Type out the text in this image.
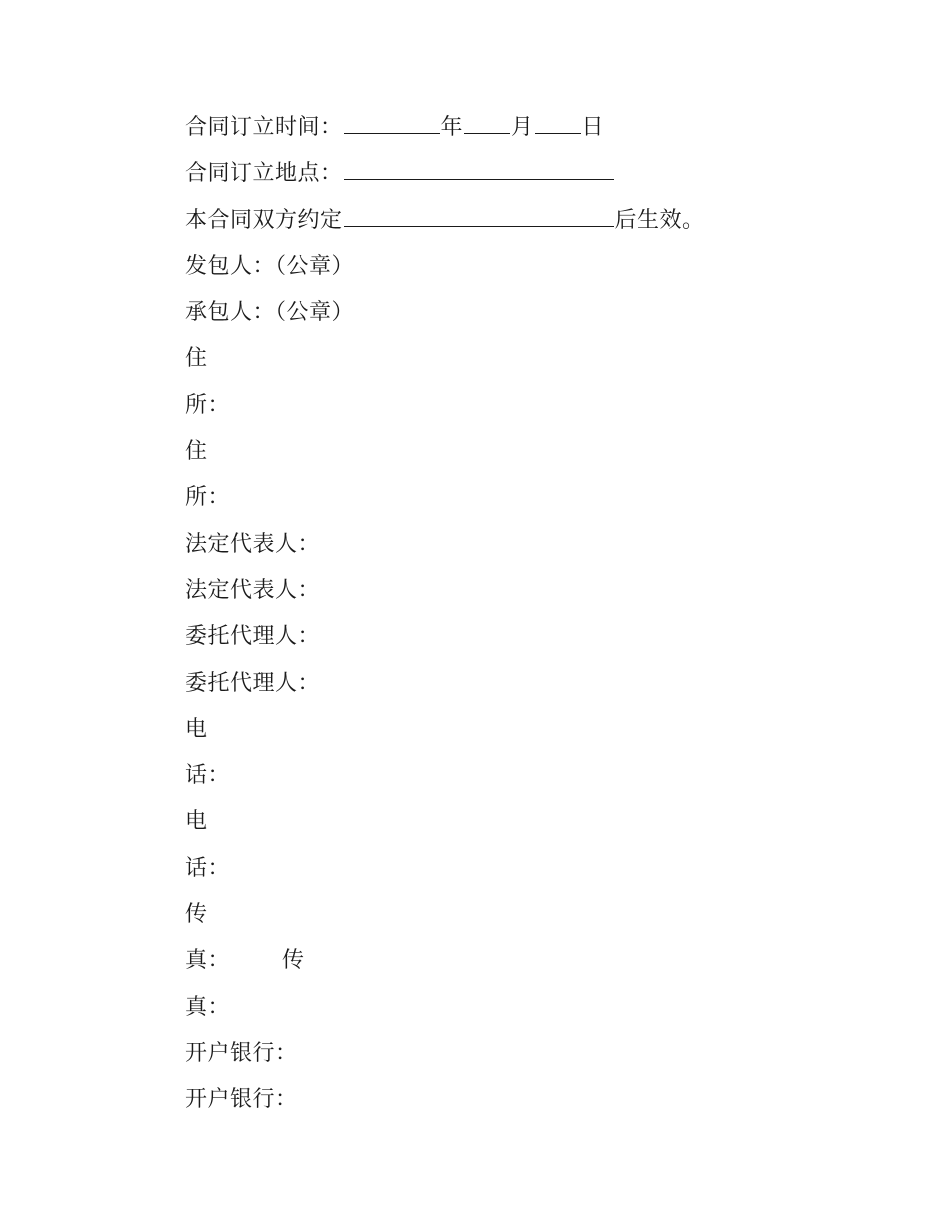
合同订立时间：	年 月 日
合同订立地点：
本合同双方约定	后生效。
发包人：（公章）
承包人：（公章）
住
所：
住
所：
法定代表人：
法定代表人：
委托代理人：
委托代理人：
电
话：
电
话：
传
真： 传
真：
开户银行：
开户银行：
